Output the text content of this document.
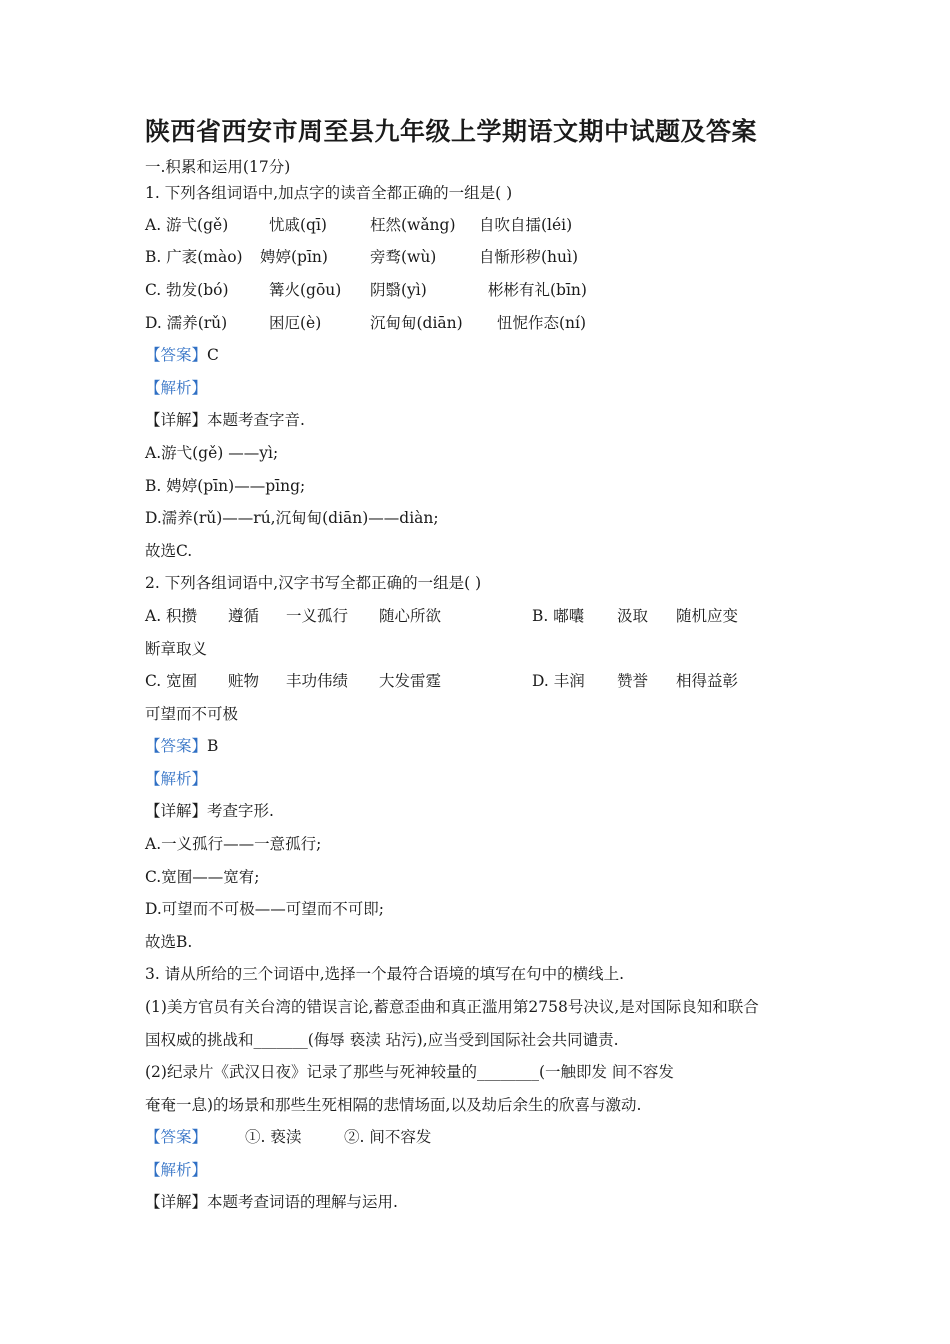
陕西省西安市周至县九年级上学期语文期中试题及答案
一.积累和运用(17分)
1. 下列各组词语中,加点字的读音全都正确的一组是( )
A. 游弋(gě)	忧戚(qī)	枉然(wǎng) 自吹自擂(léi)
B. 广袤(mào) 娉婷(pīn)	旁骛(wù)	自惭形秽(huì)
C. 勃发(bó)	篝火(gōu) 阴翳(yì)	彬彬有礼(bīn)
D. 濡养(rǔ)	困厄(è)	沉甸甸(diān) 忸怩作态(ní)
【答案】C
【解析】
【详解】本题考查字音.
A.游弋(gě) ——yì;
B. 娉婷(pīn)——pīng;
D.濡养(rǔ)——rú,沉甸甸(diān)——diàn;
故选C.
2. 下列各组词语中,汉字书写全都正确的一组是( )
A. 积攒 遵循 一义孤行 随心所欲	B. 嘟囔 汲取 随机应变
断章取义
C. 宽囿 赃物 丰功伟绩 大发雷霆	D. 丰润 赞誉 相得益彰
可望而不可极
【答案】B
【解析】
【详解】考查字形.
A.一义孤行——一意孤行;
C.宽囿——宽宥;
D.可望而不可极——可望而不可即;
故选B.
3. 请从所给的三个词语中,选择一个最符合语境的填写在句中的横线上.
(1)美方官员有关台湾的错误言论,蓄意歪曲和真正滥用第2758号决议,是对国际良知和联合
国权威的挑战和_______(侮辱 亵渎 玷污),应当受到国际社会共同谴责.
(2)纪录片《武汉日夜》记录了那些与死神较量的________(一触即发 间不容发
奄奄一息)的场景和那些生死相隔的悲情场面,以及劫后余生的欣喜与激动.
【答案】 ①. 亵渎	②. 间不容发
【解析】
【详解】本题考查词语的理解与运用.
